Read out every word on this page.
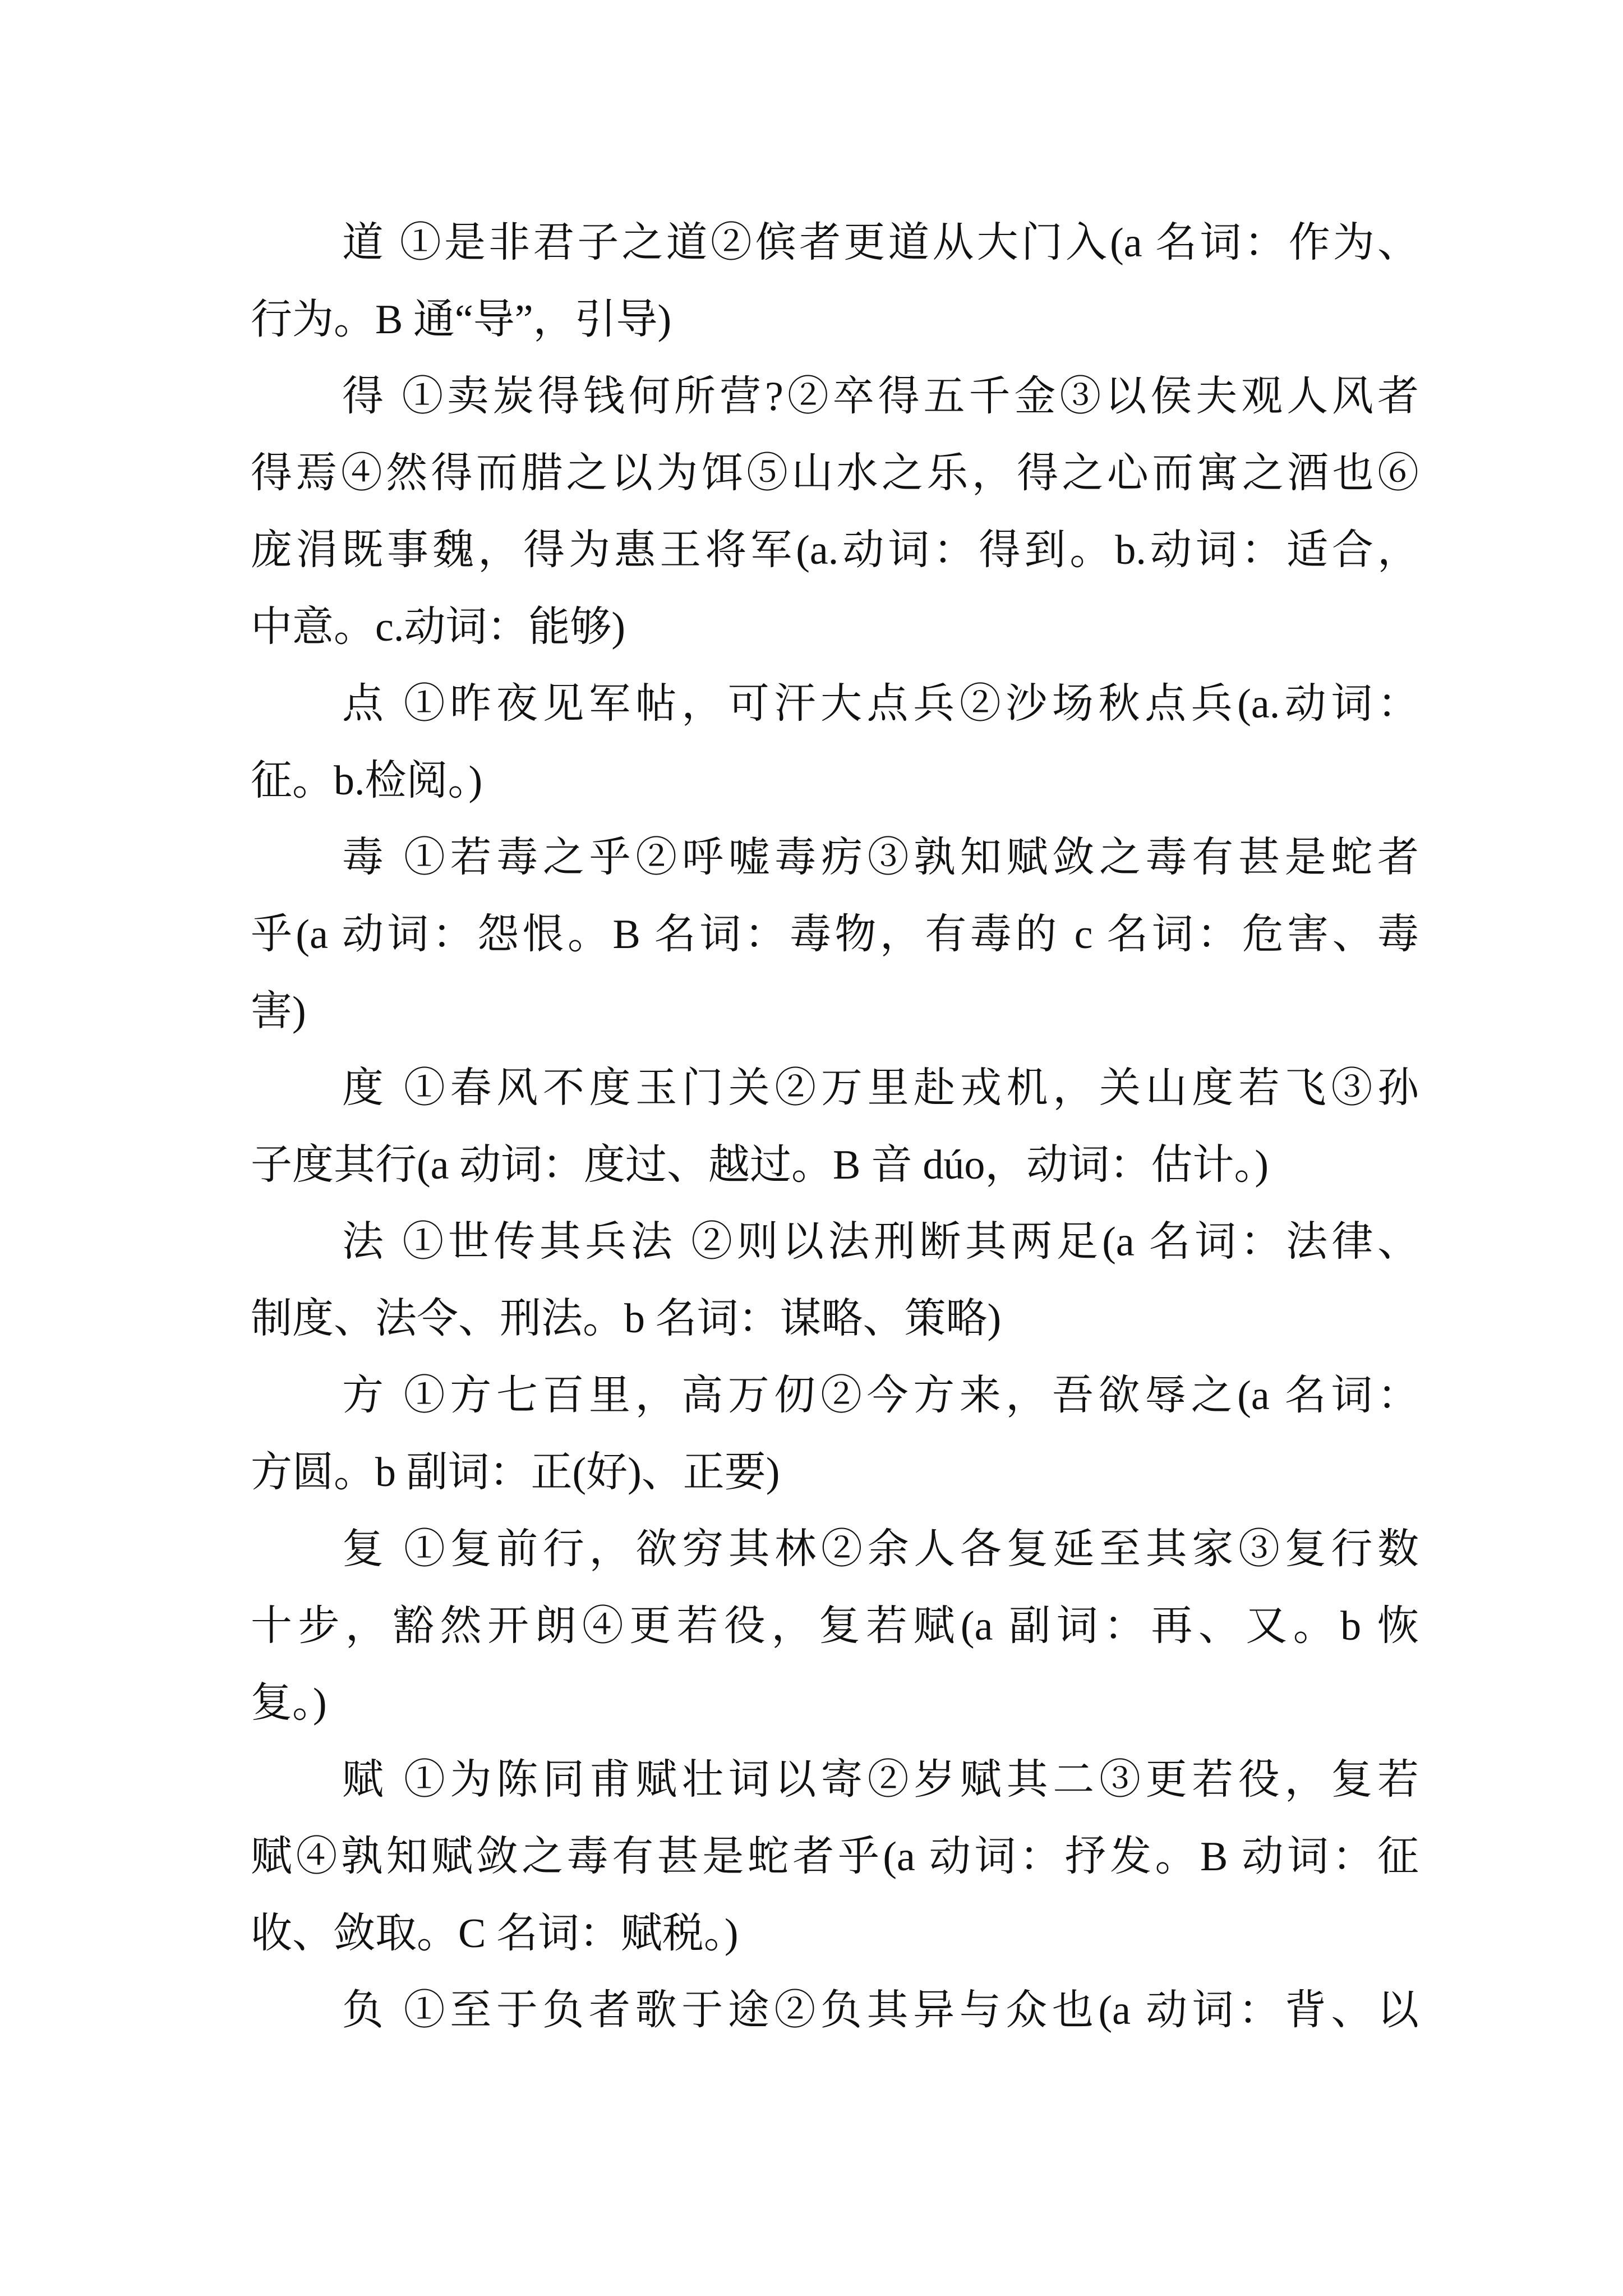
道 ①是非君子之道②傧者更道从大门入(a 名词：作为、
行为。B 通“导”，引导)
得 ①卖炭得钱何所营?②卒得五千金③以侯夫观人风者
得焉④然得而腊之以为饵⑤山水之乐，得之心而寓之酒也⑥
庞涓既事魏，得为惠王将军(a.动词：得到。b.动词：适合，
中意。c.动词：能够)
点 ①昨夜见军帖，可汗大点兵②沙场秋点兵(a.动词：
征。b.检阅。)
毒 ①若毒之乎②呼嘘毒疠③孰知赋敛之毒有甚是蛇者
乎(a 动词：怨恨。B 名词：毒物，有毒的 c 名词：危害、毒
害)
度 ①春风不度玉门关②万里赴戎机，关山度若飞③孙
子度其行(a 动词：度过、越过。B 音 dúo，动词：估计。)
法 ①世传其兵法 ②则以法刑断其两足(a 名词：法律、
制度、法令、刑法。b 名词：谋略、策略)
方 ①方七百里，高万仞②今方来，吾欲辱之(a 名词：
方圆。b 副词：正(好)、正要)
复 ①复前行，欲穷其林②余人各复延至其家③复行数
十步，豁然开朗④更若役，复若赋(a 副词：再、又。b 恢
复。)
赋 ①为陈同甫赋壮词以寄②岁赋其二③更若役，复若
赋④孰知赋敛之毒有甚是蛇者乎(a 动词：抒发。B 动词：征
收、敛取。C 名词：赋税。)
负 ①至于负者歌于途②负其异与众也(a 动词：背、以
